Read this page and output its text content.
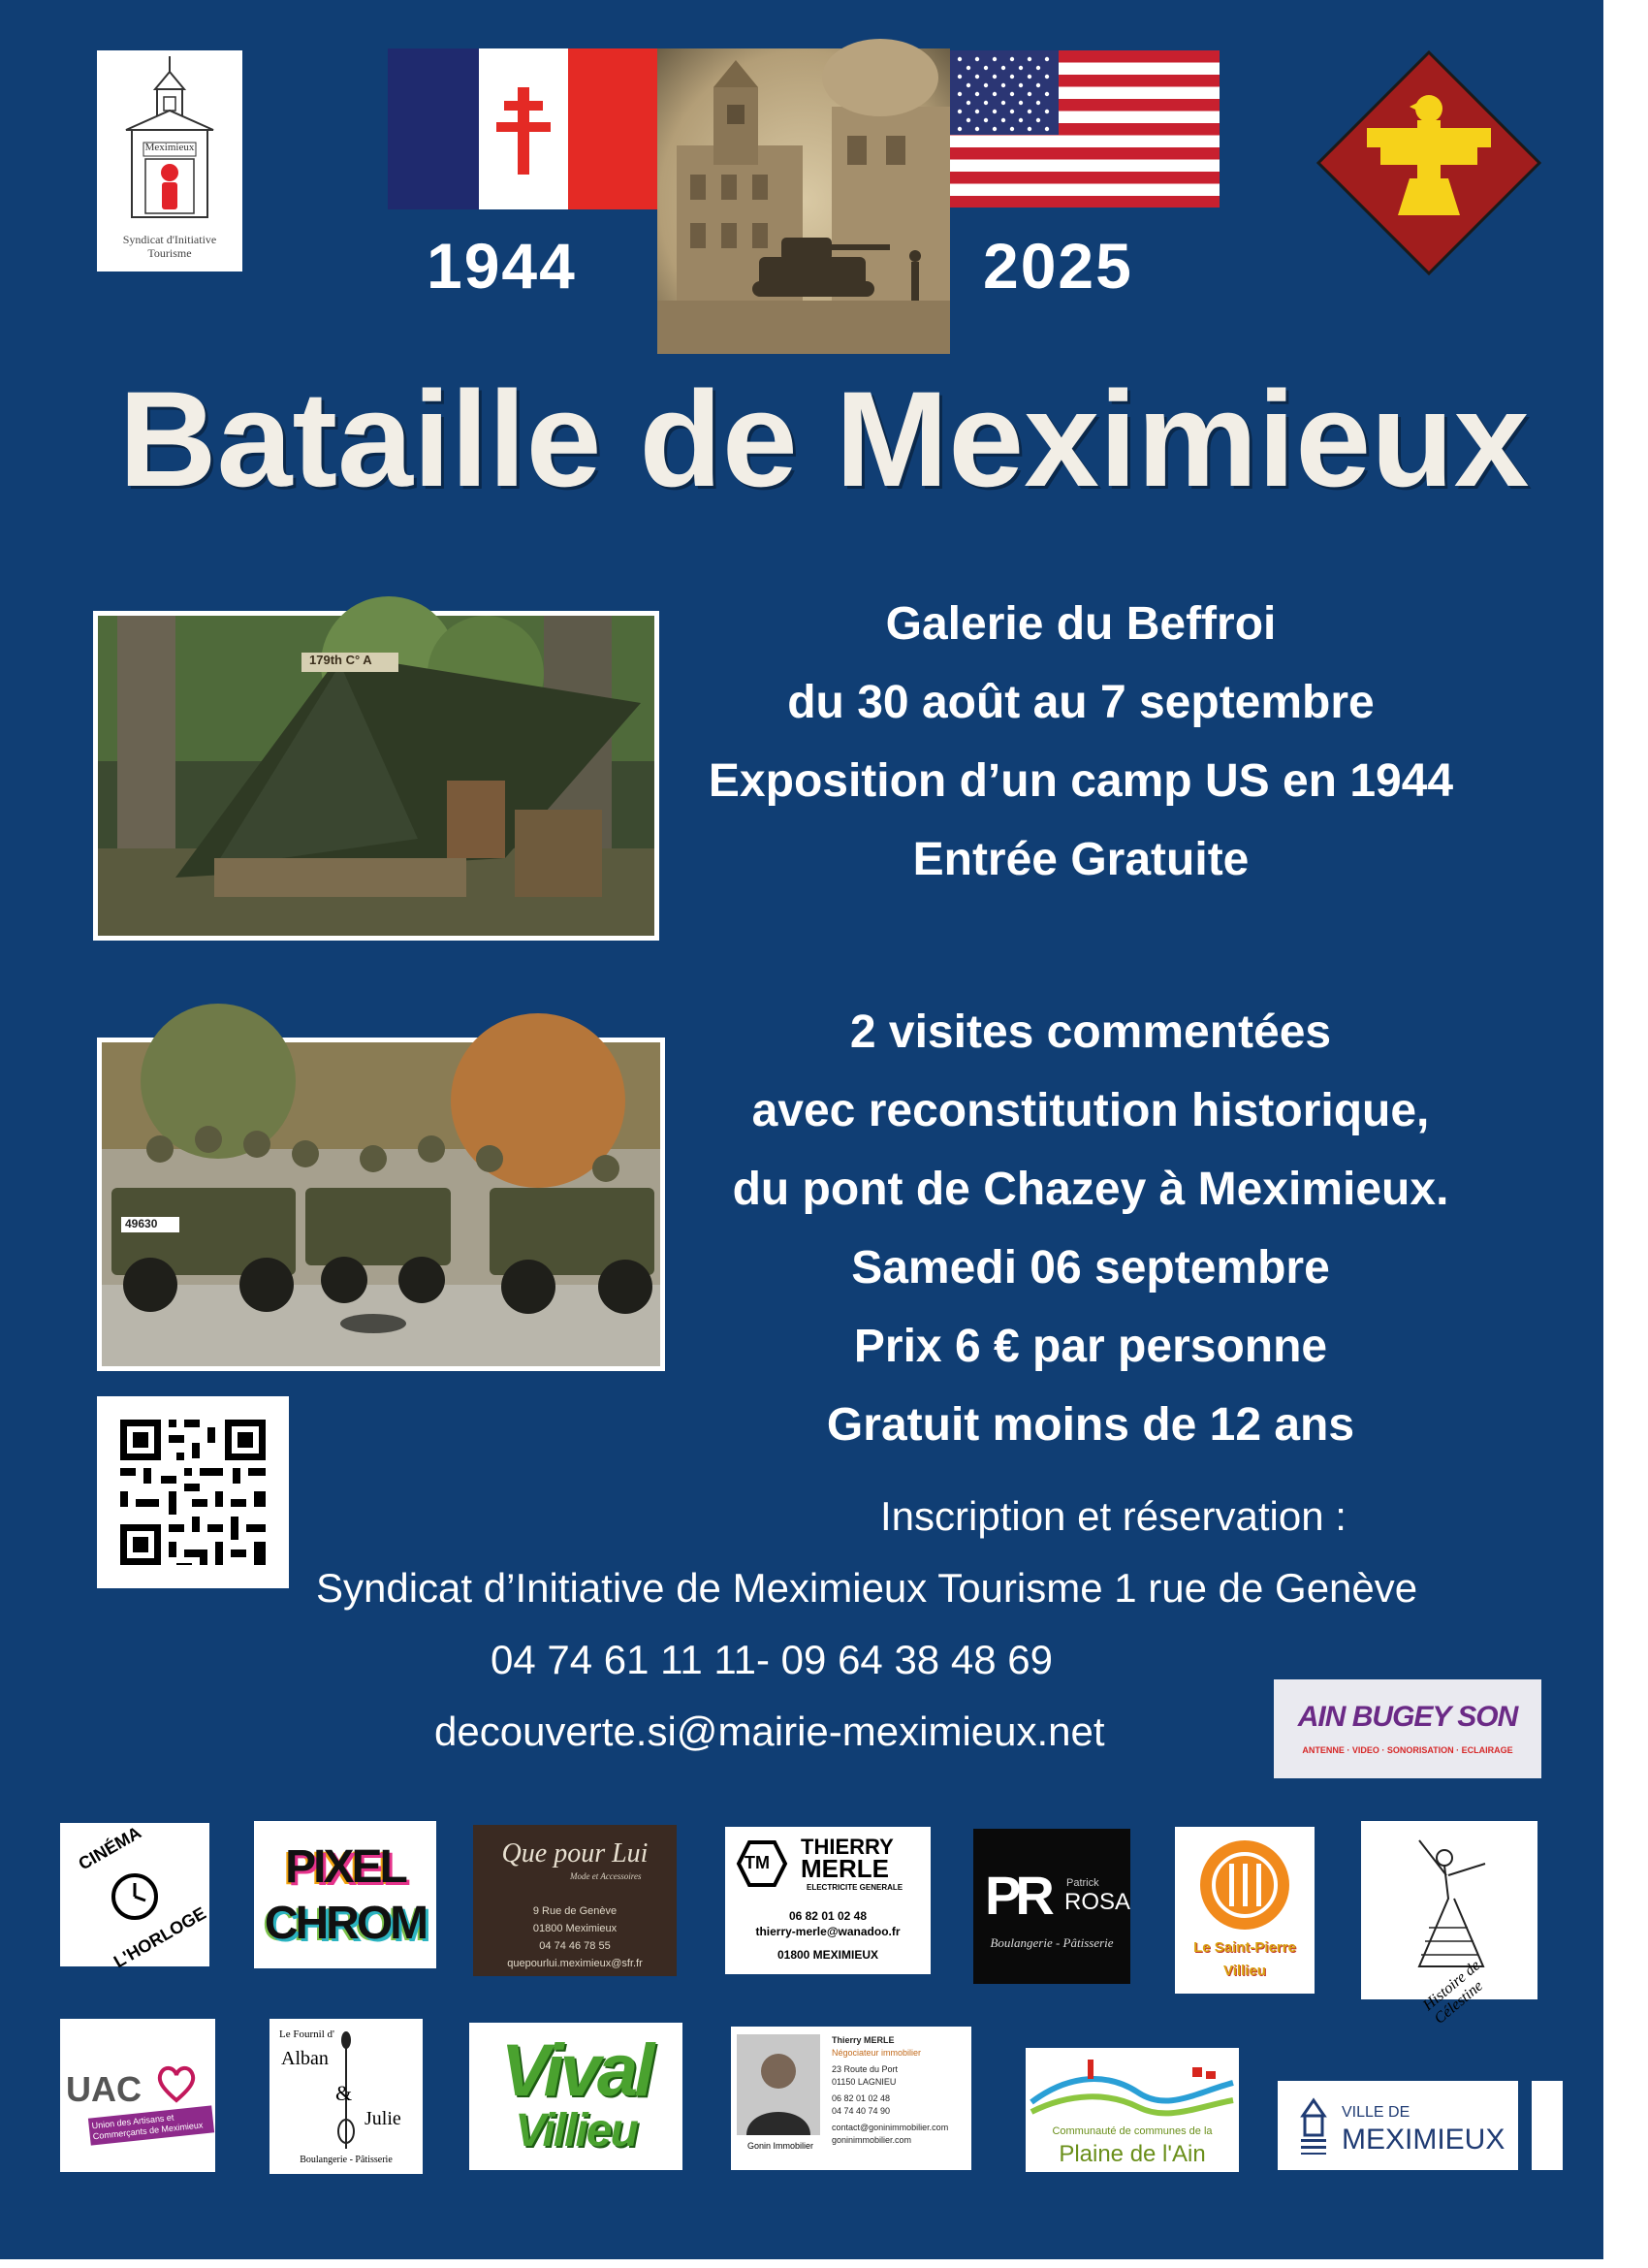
Meximieux
Syndicat d'Initiative Tourisme	1944	2025
Bataille de Meximieux
179th C° A
Galerie du Beffroi
du 30 août au 7 septembre
Exposition d’un camp US en 1944
Entrée Gratuite
49630
2 visites commentées
avec reconstitution historique,
du pont de Chazey à Meximieux.
Samedi 06 septembre
Prix 6 € par personne
Gratuit moins de 12 ans
Inscription et réservation :
Syndicat d’Initiative de Meximieux Tourisme 1 rue de Genève
04 74 61 11 11- 09 64 38 48 69
decouverte.si@mairie-meximieux.net	AIN BUGEY SON
ANTENNE · VIDEO · SONORISATION · ECLAIRAGE
CINÉMA
L'HORLOGE
PIXEL
CHROM
Que pour Lui
Mode et Accessoires
9 Rue de Genève
01800 Meximieux
04 74 46 78 55
quepourlui.meximieux@sfr.fr
TM
THIERRY
MERLE
ELECTRICITE GENERALE
06 82 01 02 48
thierry-merle@wanadoo.fr
01800 MEXIMIEUX
PR Patrick
ROSA
Boulangerie - Pâtisserie	Le Saint-Pierre
Villieu	Histoire de Célestine
UAC
Union des Artisans et Commerçants de Meximieux
Le Fournil d'
Alban
&
Julie
Boulangerie - Pâtisserie
Vival
Villieu	Gonin Immobilier
Thierry MERLE
Négociateur immobilier
23 Route du Port
01150 LAGNIEU
06 82 01 02 48
04 74 40 74 90
contact@goninimmobilier.com
goninimmobilier.com
Communauté de communes de la
Plaine de l'Ain
VILLE DE
MEXIMIEUX
